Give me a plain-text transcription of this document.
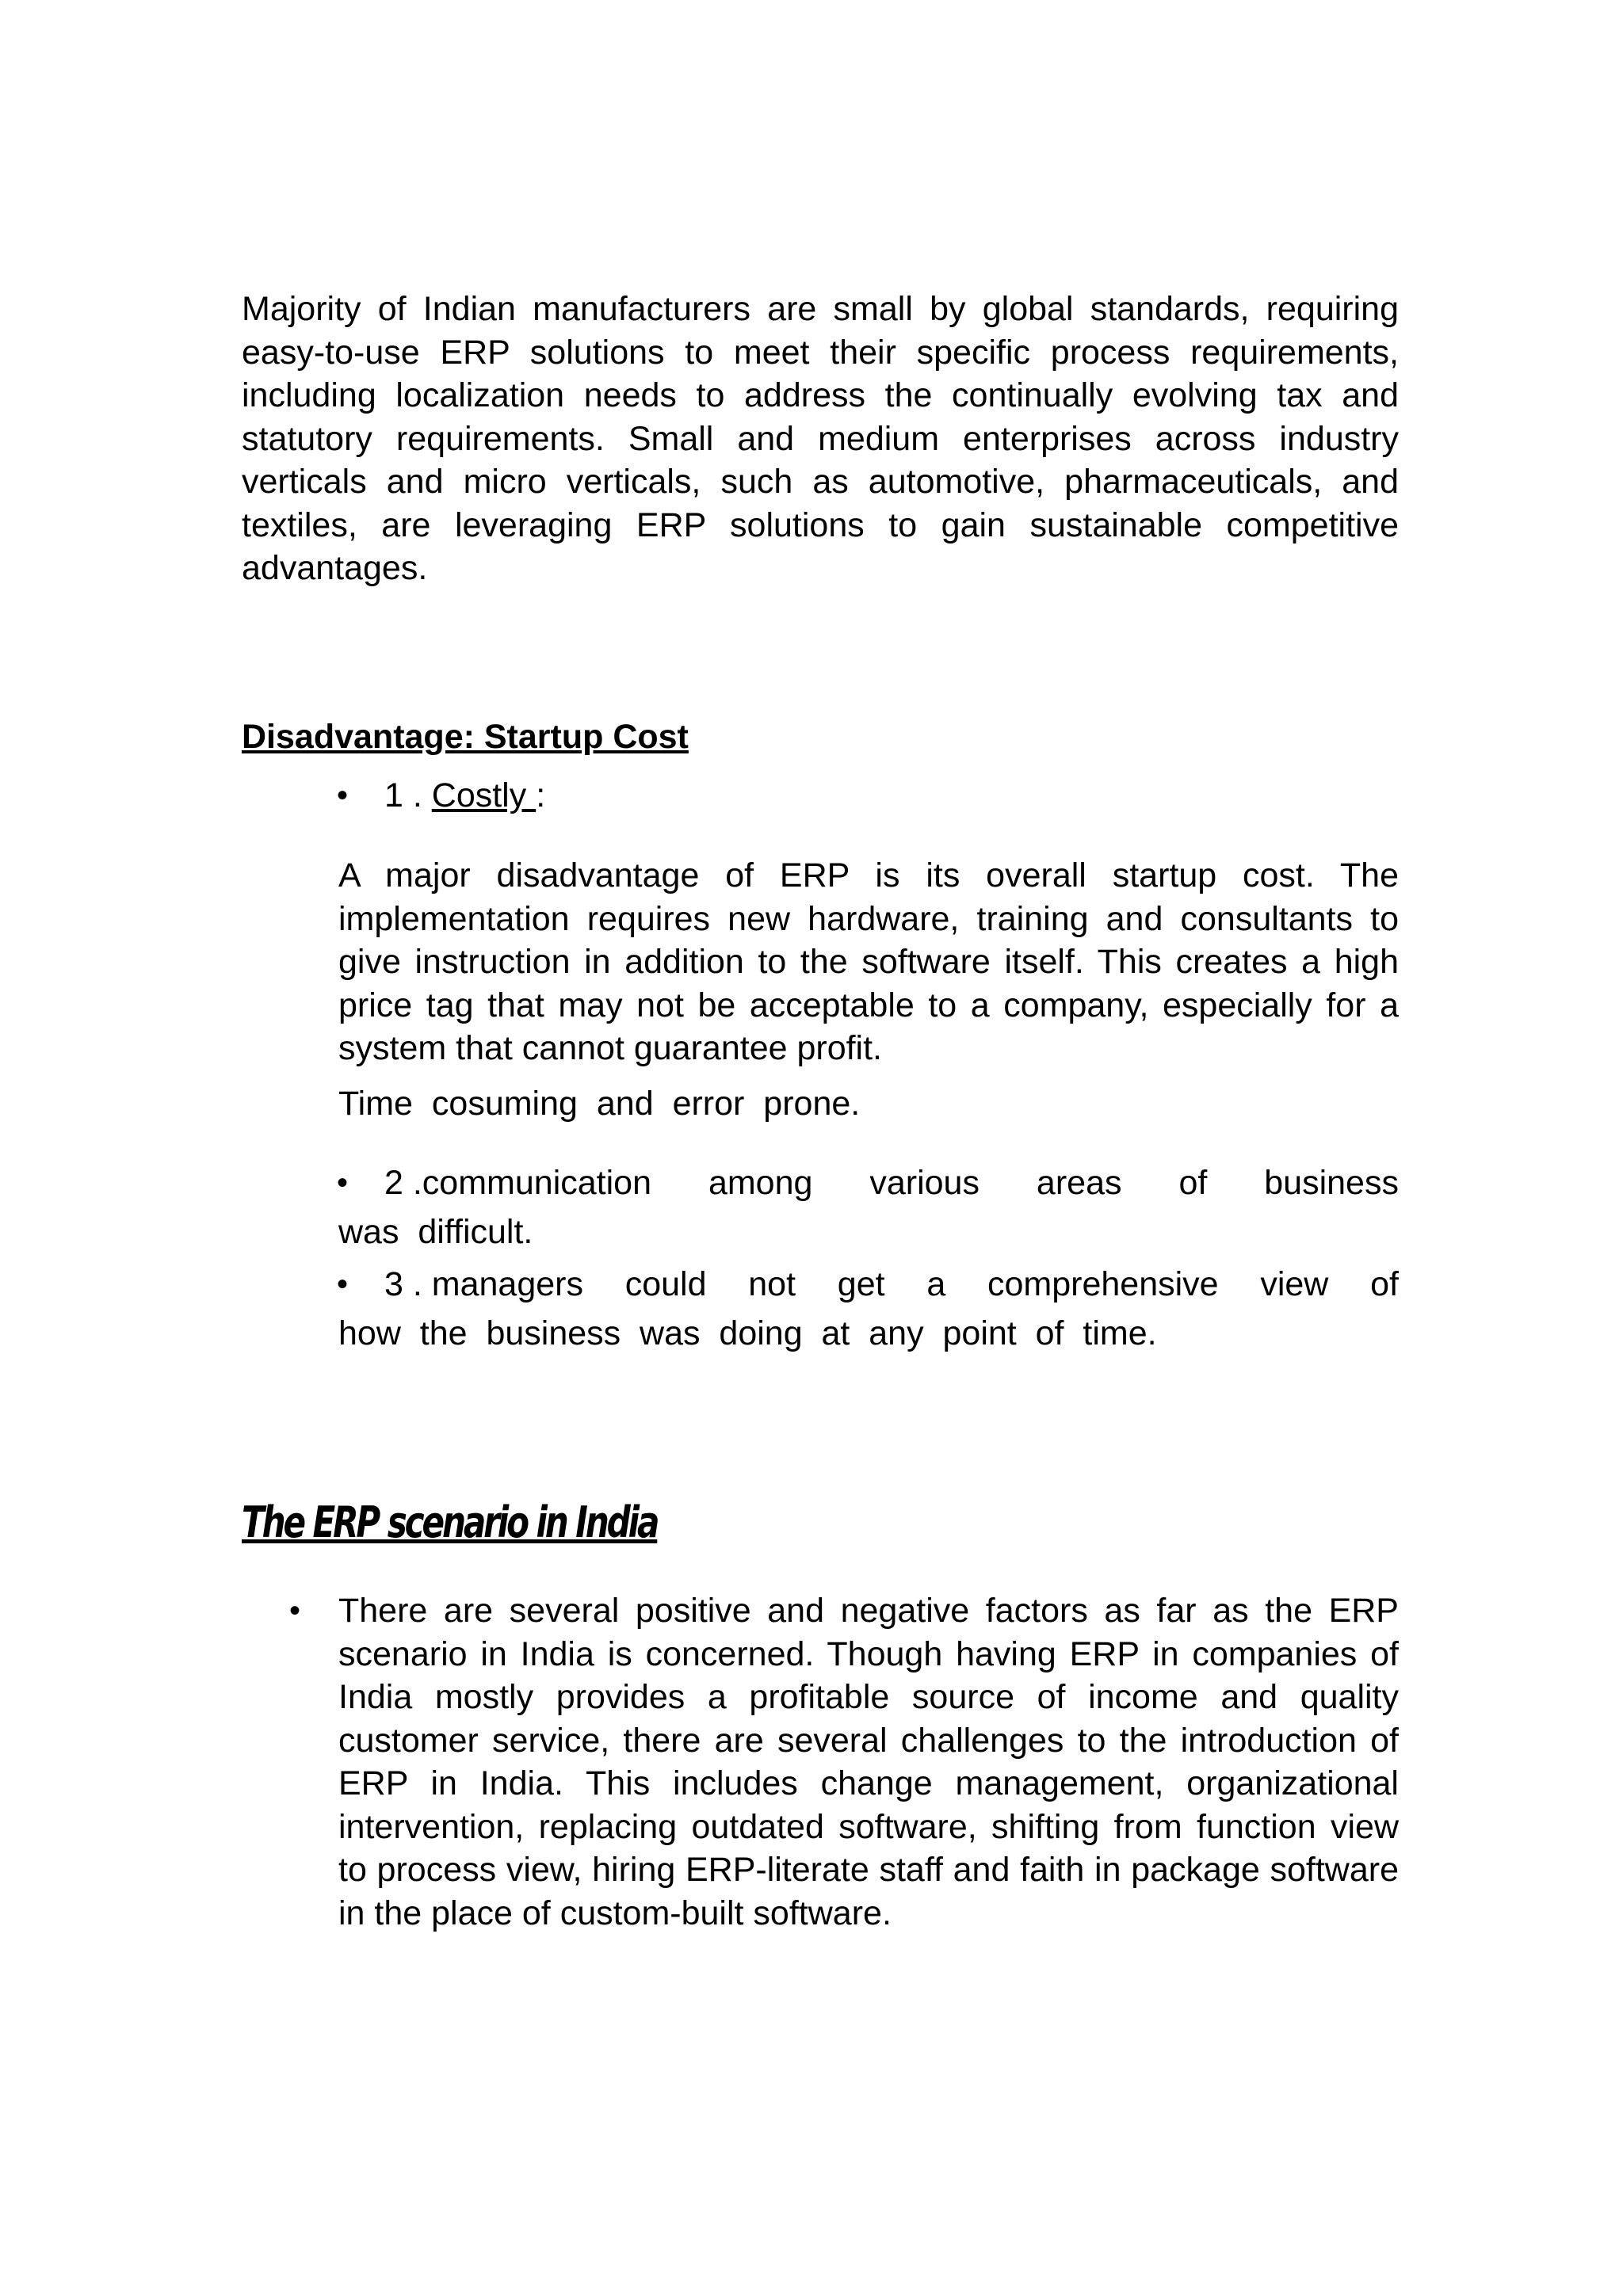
Majority of Indian manufacturers are small by global standards, requiring easy-to-use ERP solutions to meet their specific process requirements, including localization needs to address the continually evolving tax and statutory requirements. Small and medium enterprises across industry verticals and micro verticals, such as automotive, pharmaceuticals, and textiles, are leveraging ERP solutions to gain sustainable competitive advantages.

Disadvantage: Startup Cost
• 1 . Costly :

A major disadvantage of ERP is its overall startup cost. The implementation requires new hardware, training and consultants to give instruction in addition to the software itself. This creates a high price tag that may not be acceptable to a company, especially for a system that cannot guarantee profit.

Time cosuming and error prone.

• 2 .communication among various areas of business

was  difficult.

• 3 . managers could not get a comprehensive view of

how  the  business  was  doing  at  any  point  of  time.

The ERP scenario in India
• There are several positive and negative factors as far as the ERP scenario in India is concerned. Though having ERP in companies of India mostly provides a profitable source of income and quality customer service, there are several challenges to the introduction of ERP in India. This includes change management, organizational intervention, replacing outdated software, shifting from function view to process view, hiring ERP-literate staff and faith in package software in the place of custom-built software.
